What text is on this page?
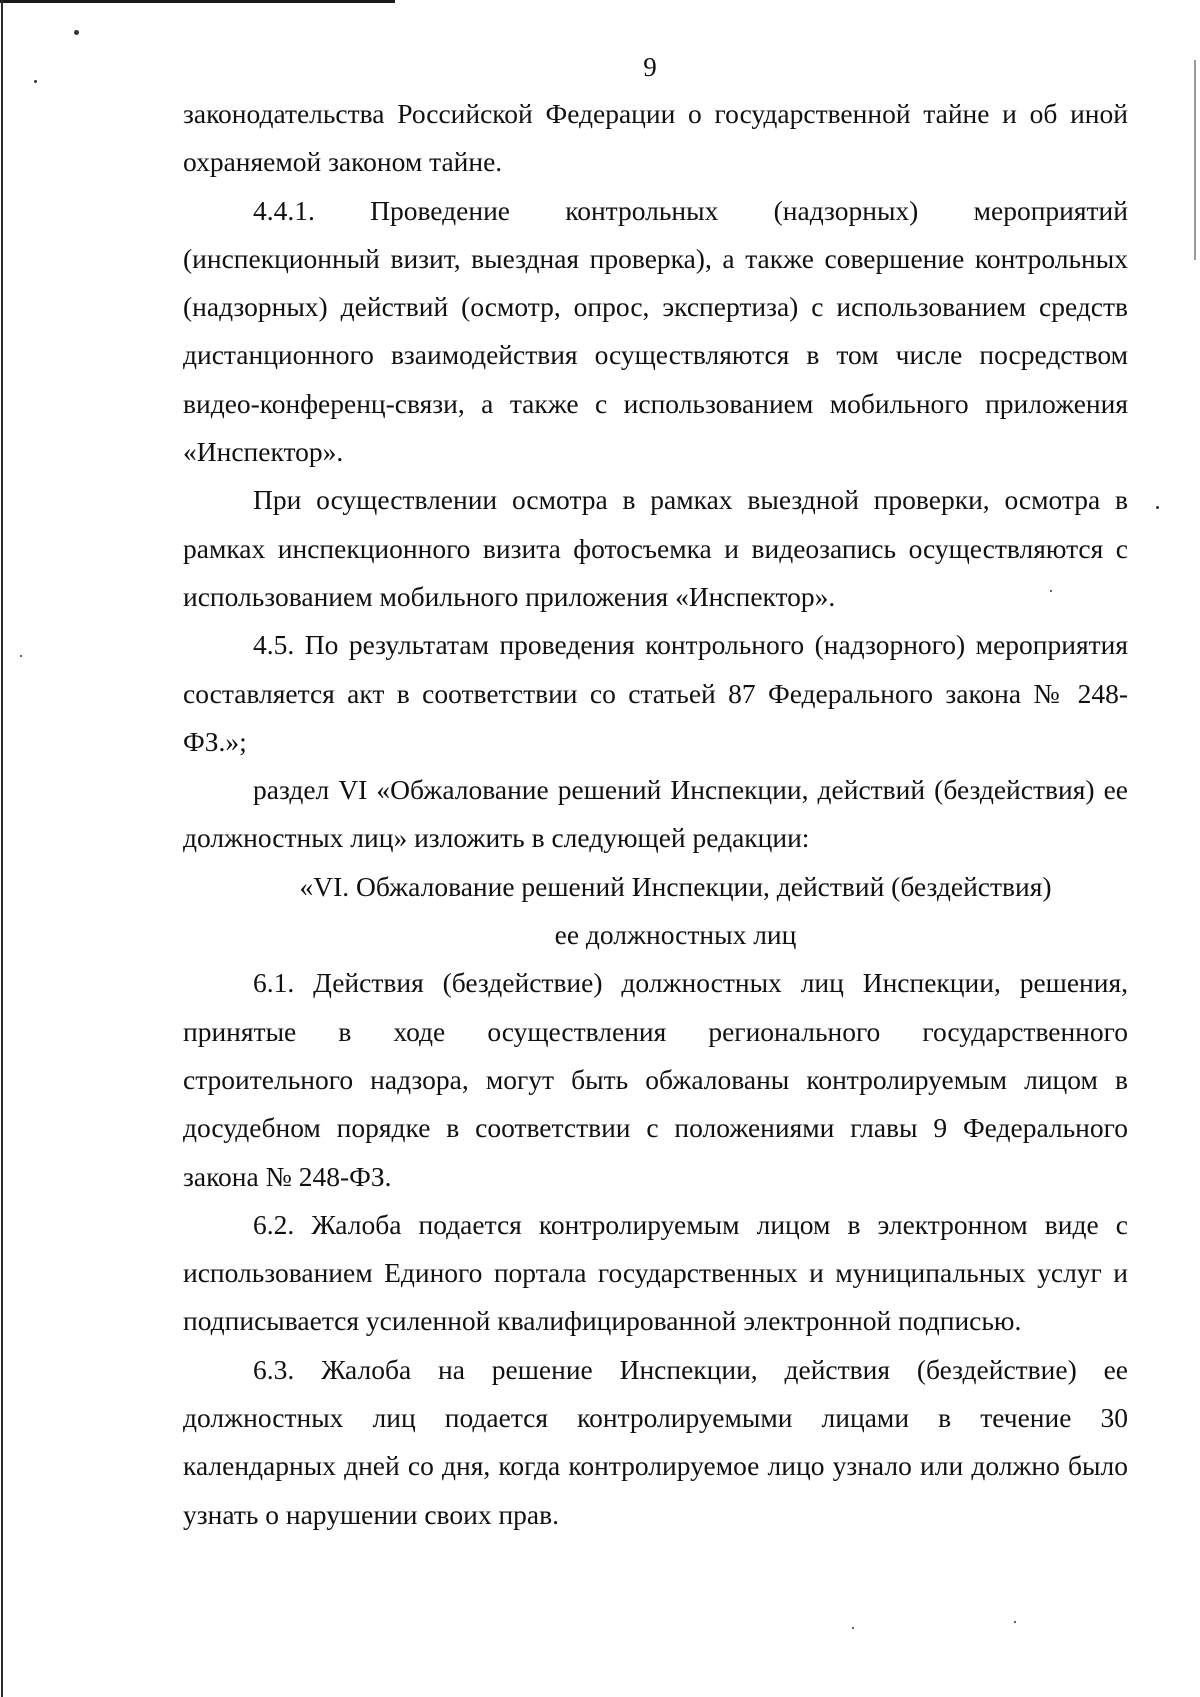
9

законодательства Российской Федерации о государственной тайне и об иной охраняемой законом тайне.

4.4.1. Проведение контрольных (надзорных) мероприятий (инспекционный визит, выездная проверка), а также совершение контрольных (надзорных) действий (осмотр, опрос, экспертиза) с использованием средств дистанционного взаимодействия осуществляются в том числе посредством видео-конференц-связи, а также с использованием мобильного приложения «Инспектор».

При осуществлении осмотра в рамках выездной проверки, осмотра в рамках инспекционного визита фотосъемка и видеозапись осуществляются с использованием мобильного приложения «Инспектор».

4.5. По результатам проведения контрольного (надзорного) мероприятия составляется акт в соответствии со статьей 87 Федерального закона № 248-ФЗ.»;

раздел VI «Обжалование решений Инспекции, действий (бездействия) ее должностных лиц» изложить в следующей редакции:

«VI. Обжалование решений Инспекции, действий (бездействия)

ее должностных лиц

6.1. Действия (бездействие) должностных лиц Инспекции, решения, принятые в ходе осуществления регионального государственного строительного надзора, могут быть обжалованы контролируемым лицом в досудебном порядке в соответствии с положениями главы 9 Федерального закона № 248-ФЗ.

6.2. Жалоба подается контролируемым лицом в электронном виде с использованием Единого портала государственных и муниципальных услуг и подписывается усиленной квалифицированной электронной подписью.

6.3. Жалоба на решение Инспекции, действия (бездействие) ее должностных лиц подается контролируемыми лицами в течение 30 календарных дней со дня, когда контролируемое лицо узнало или должно было узнать о нарушении своих прав.
